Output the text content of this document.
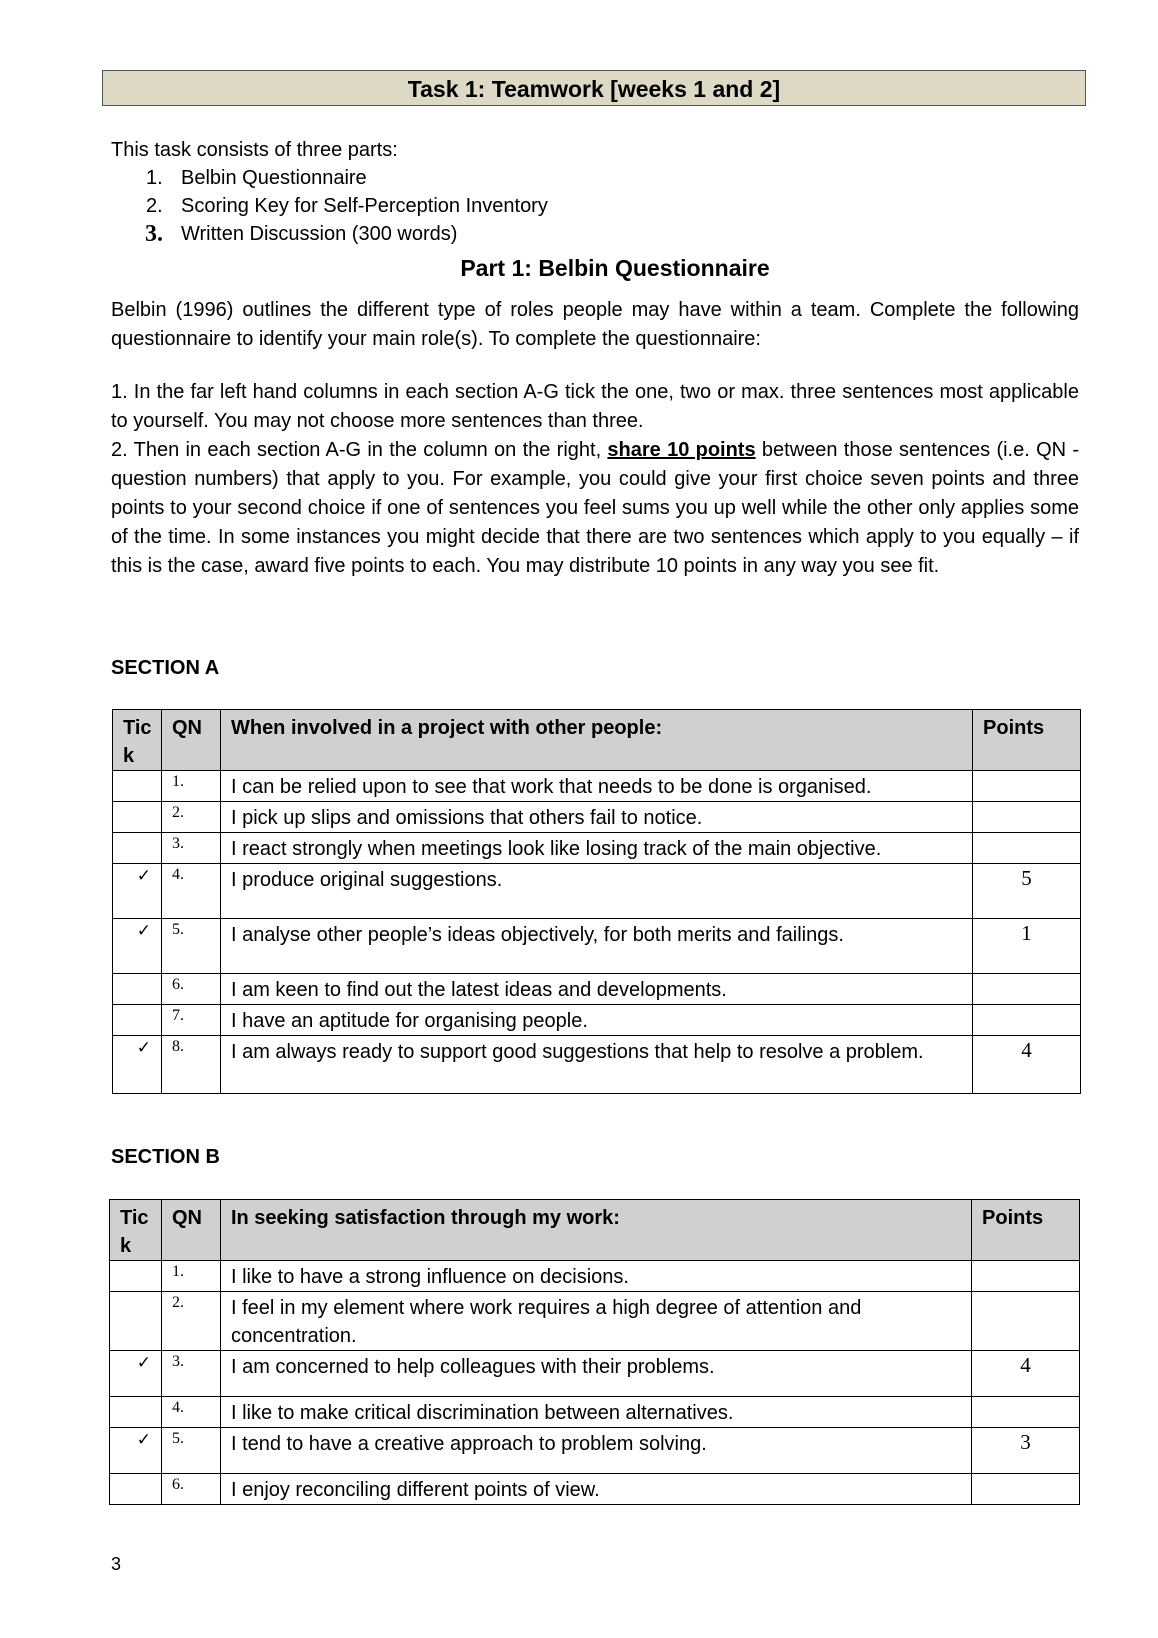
Task 1: Teamwork [weeks 1 and 2]
This task consists of three parts:
1. Belbin Questionnaire
2. Scoring Key for Self-Perception Inventory
3. Written Discussion (300 words)
Part 1: Belbin Questionnaire

Belbin (1996) outlines the different type of roles people may have within a team. Complete the following questionnaire to identify your main role(s). To complete the questionnaire:

1. In the far left hand columns in each section A-G tick the one, two or max. three sentences most applicable to yourself. You may not choose more sentences than three.

2. Then in each section A-G in the column on the right, share 10 points between those sentences (i.e. QN - question numbers) that apply to you. For example, you could give your first choice seven points and three points to your second choice if one of sentences you feel sums you up well while the other only applies some of the time. In some instances you might decide that there are two sentences which apply to you equally – if this is the case, award five points to each. You may distribute 10 points in any way you see fit.

SECTION A
Tic k	QN	When involved in a project with other people:	Points
	1.	I can be relied upon to see that work that needs to be done is organised.	
	2.	I pick up slips and omissions that others fail to notice.	
	3.	I react strongly when meetings look like losing track of the main objective.	
✓	4.	I produce original suggestions.	5
✓	5.	I analyse other people’s ideas objectively, for both merits and failings.	1
	6.	I am keen to find out the latest ideas and developments.	
	7.	I have an aptitude for organising people.	
✓	8.	I am always ready to support good suggestions that help to resolve a problem.	4
SECTION B
Tic k	QN	In seeking satisfaction through my work:	Points
	1.	I like to have a strong influence on decisions.	
	2.	I feel in my element where work requires a high degree of attention and concentration.	
✓	3.	I am concerned to help colleagues with their problems.	4
	4.	I like to make critical discrimination between alternatives.	
✓	5.	I tend to have a creative approach to problem solving.	3
	6.	I enjoy reconciling different points of view.	
3
